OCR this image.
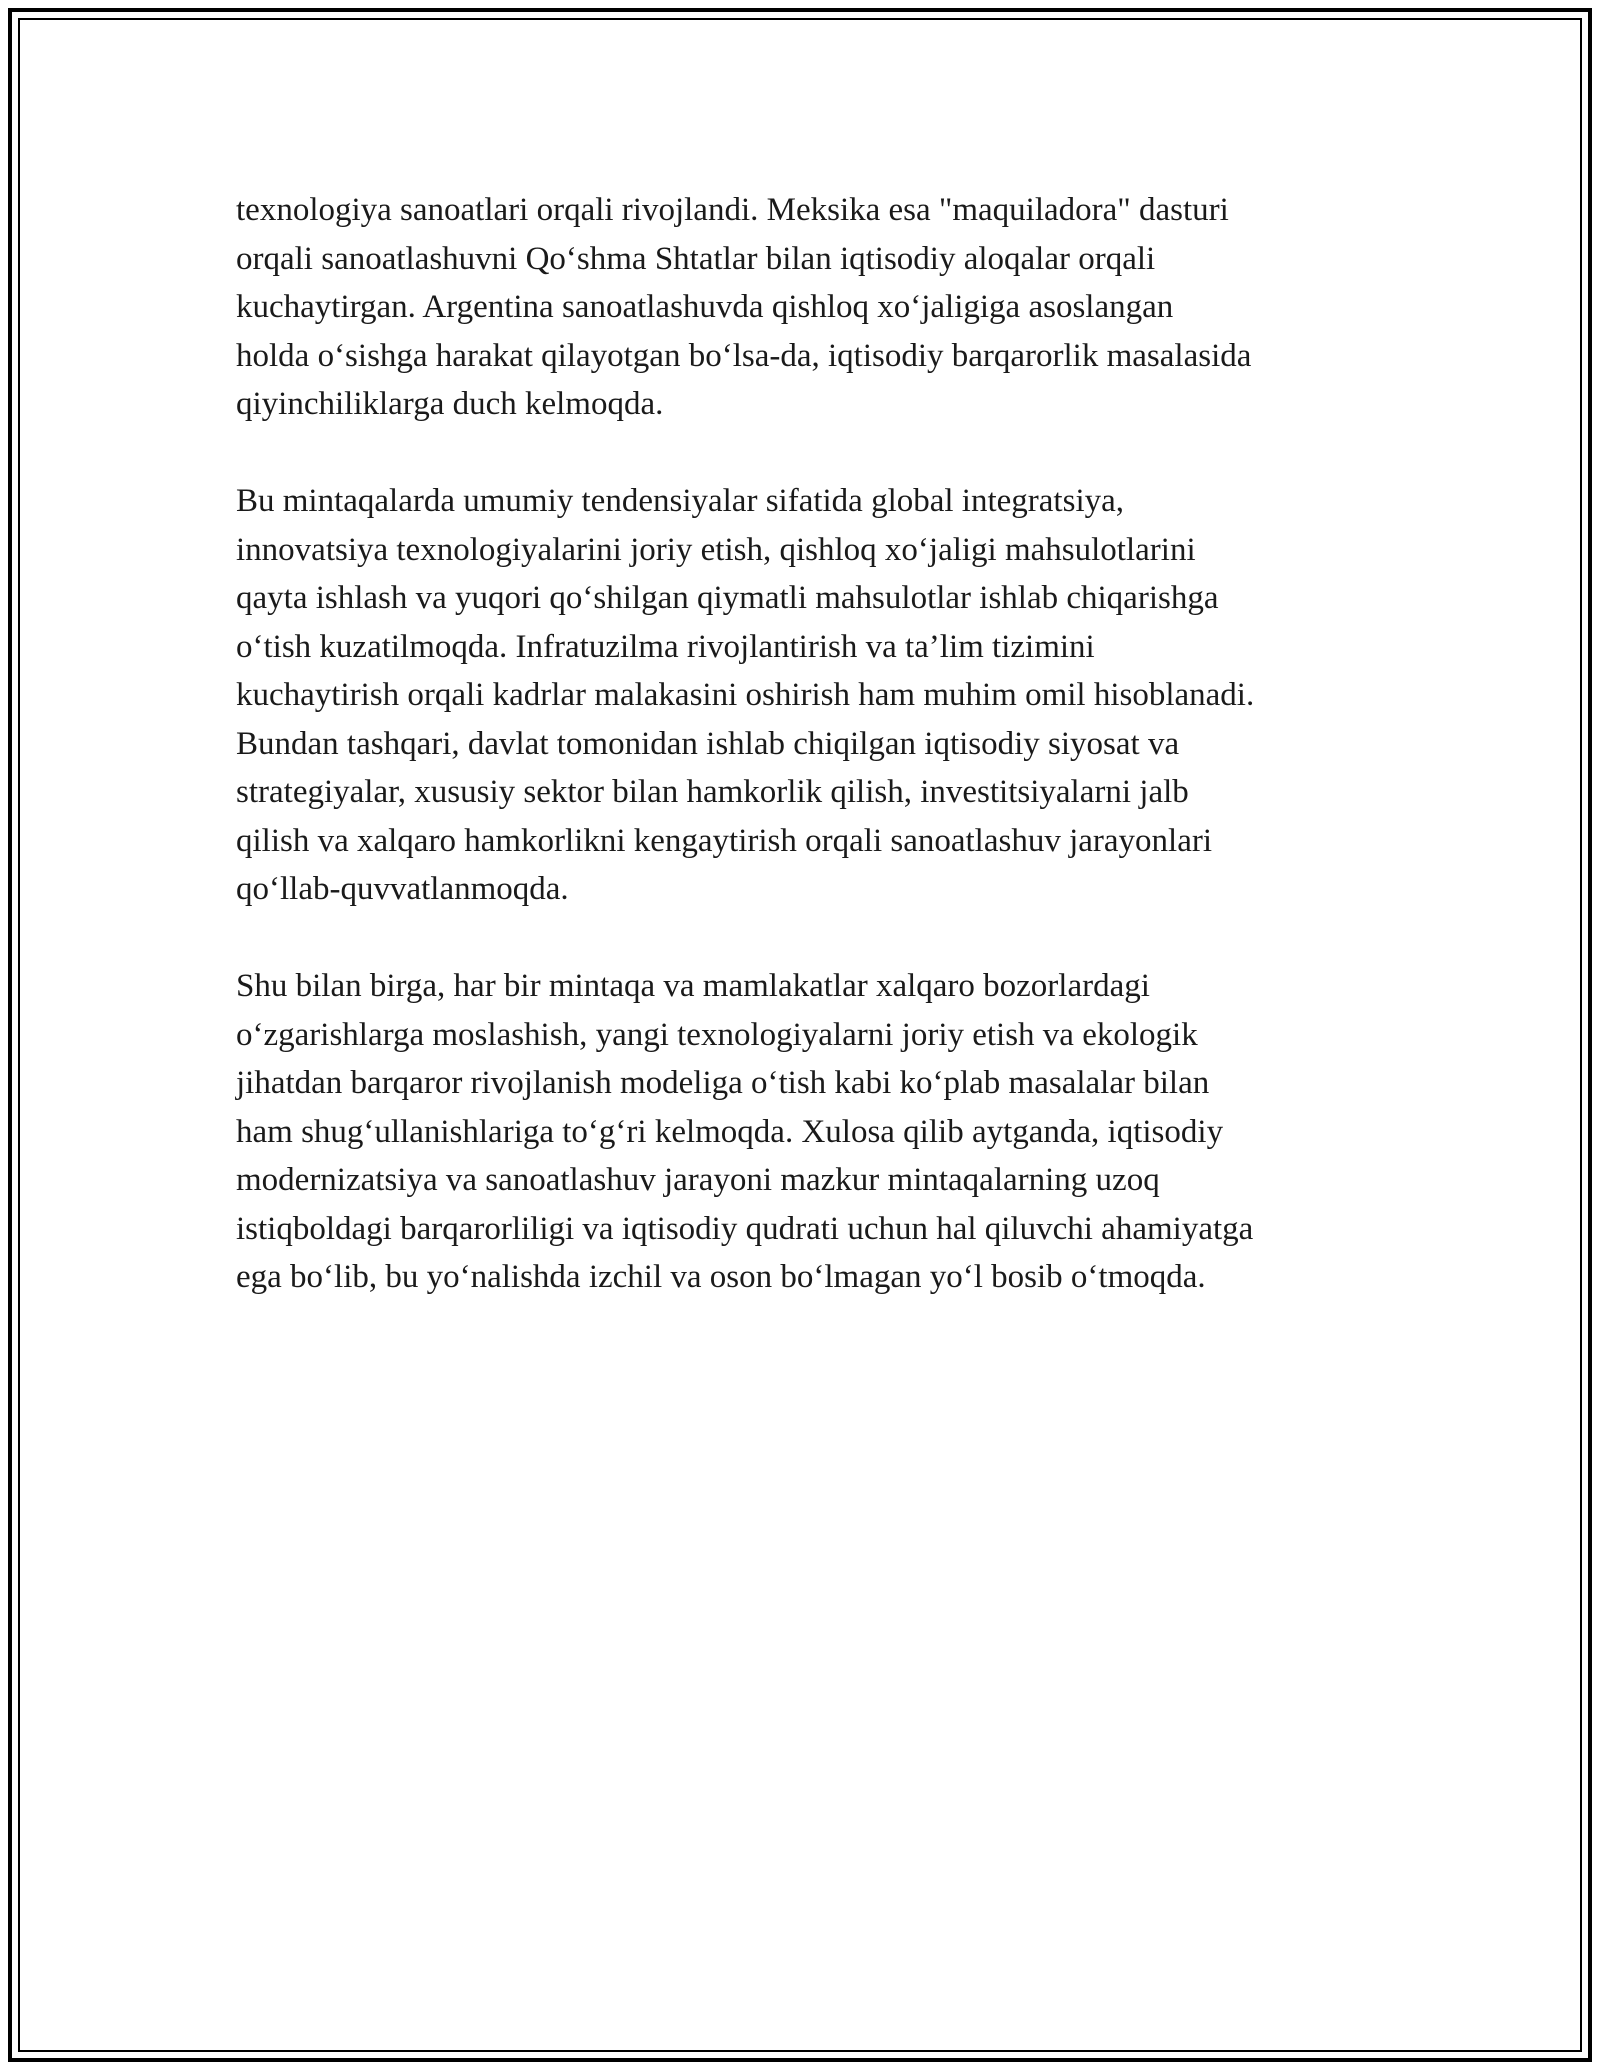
texnologiya sanoatlari orqali rivojlandi. Meksika esa "maquiladora" dasturi
orqali sanoatlashuvni Qo‘shma Shtatlar bilan iqtisodiy aloqalar orqali
kuchaytirgan. Argentina sanoatlashuvda qishloq xo‘jaligiga asoslangan
holda o‘sishga harakat qilayotgan bo‘lsa-da, iqtisodiy barqarorlik masalasida
qiyinchiliklarga duch kelmoqda.

Bu mintaqalarda umumiy tendensiyalar sifatida global integratsiya,
innovatsiya texnologiyalarini joriy etish, qishloq xo‘jaligi mahsulotlarini
qayta ishlash va yuqori qo‘shilgan qiymatli mahsulotlar ishlab chiqarishga
o‘tish kuzatilmoqda. Infratuzilma rivojlantirish va ta’lim tizimini
kuchaytirish orqali kadrlar malakasini oshirish ham muhim omil hisoblanadi.
Bundan tashqari, davlat tomonidan ishlab chiqilgan iqtisodiy siyosat va
strategiyalar, xususiy sektor bilan hamkorlik qilish, investitsiyalarni jalb
qilish va xalqaro hamkorlikni kengaytirish orqali sanoatlashuv jarayonlari
qo‘llab-quvvatlanmoqda.

Shu bilan birga, har bir mintaqa va mamlakatlar xalqaro bozorlardagi
o‘zgarishlarga moslashish, yangi texnologiyalarni joriy etish va ekologik
jihatdan barqaror rivojlanish modeliga o‘tish kabi ko‘plab masalalar bilan
ham shug‘ullanishlariga to‘g‘ri kelmoqda. Xulosa qilib aytganda, iqtisodiy
modernizatsiya va sanoatlashuv jarayoni mazkur mintaqalarning uzoq
istiqboldagi barqarorliligi va iqtisodiy qudrati uchun hal qiluvchi ahamiyatga
ega bo‘lib, bu yo‘nalishda izchil va oson bo‘lmagan yo‘l bosib o‘tmoqda.
